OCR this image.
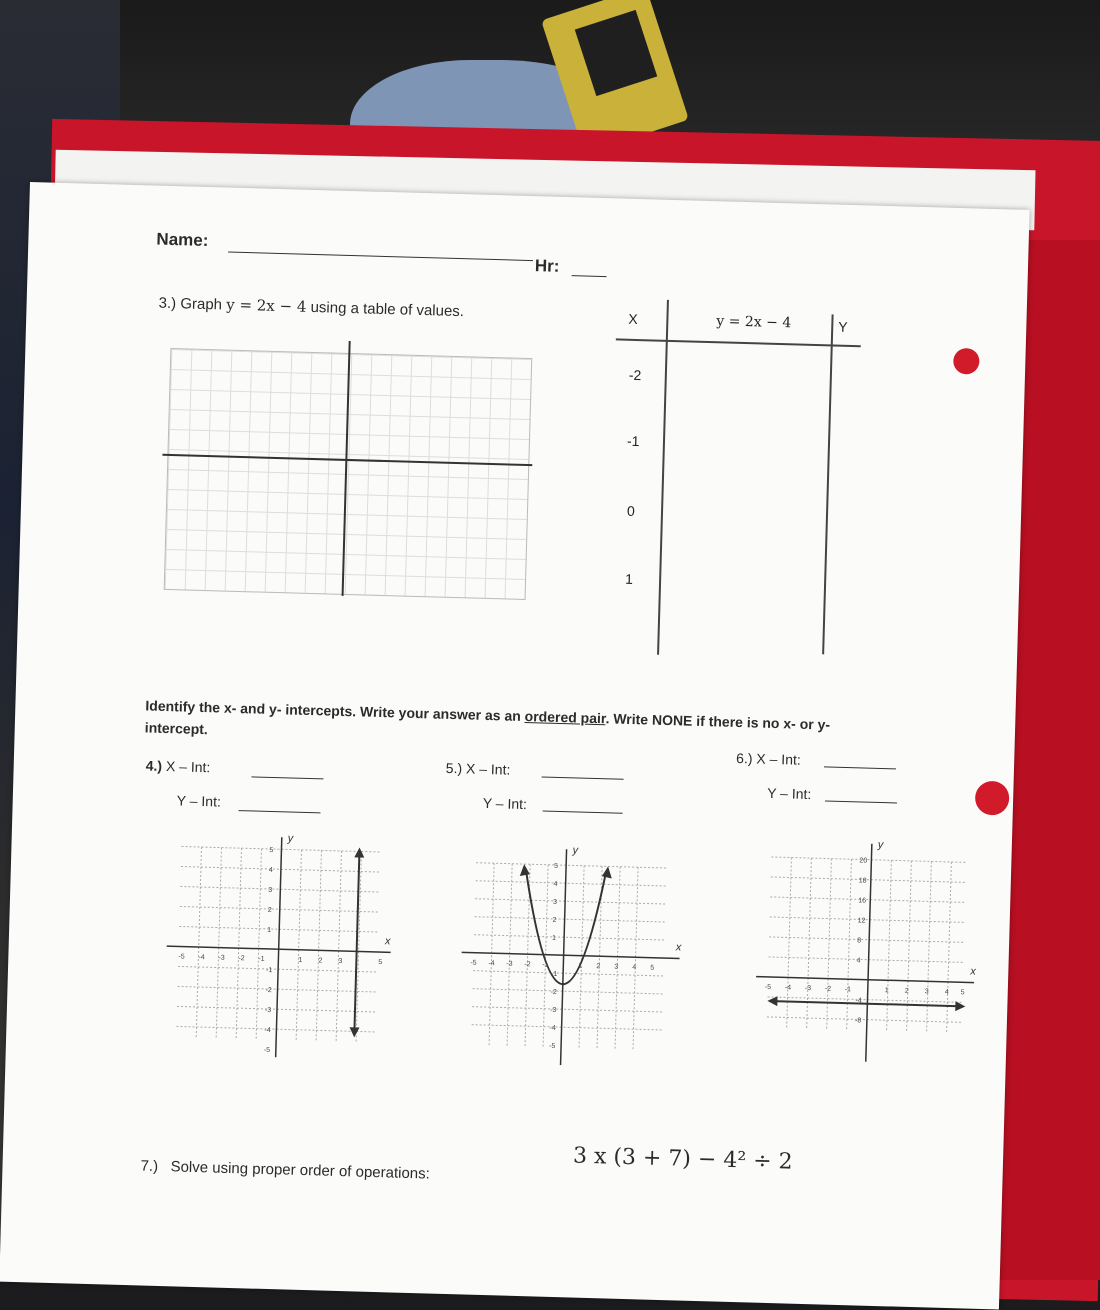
Name:
Hr:
3.) Graph y = 2x − 4 using a table of values.	X	y = 2x − 4	Y
-2
-1
0
1
Identify the x- and y- intercepts. Write your answer as an ordered pair. Write NONE if there is no x- or y-
intercept.
4.) X – Int:
Y – Int:
5.) X – Int:
Y – Int:
6.) X – Int:
Y – Int:
x
y
-5 -4 -3 -2 -1	1 2 3	5
5
4
3
2
1
-1
-2
-3
-4
-5
x
y
-5 -4 -3 -2 -1	1 2 3 4 5
5
4
3
2
1
-1
-2
-3
-4
-5
x
y
-5 -4 -3 -2 -1	1 2 3 4 5
20
18
16
12
8
4
-4
-8
7.) Solve using proper order of operations:	3 x (3 + 7) − 4² ÷ 2
